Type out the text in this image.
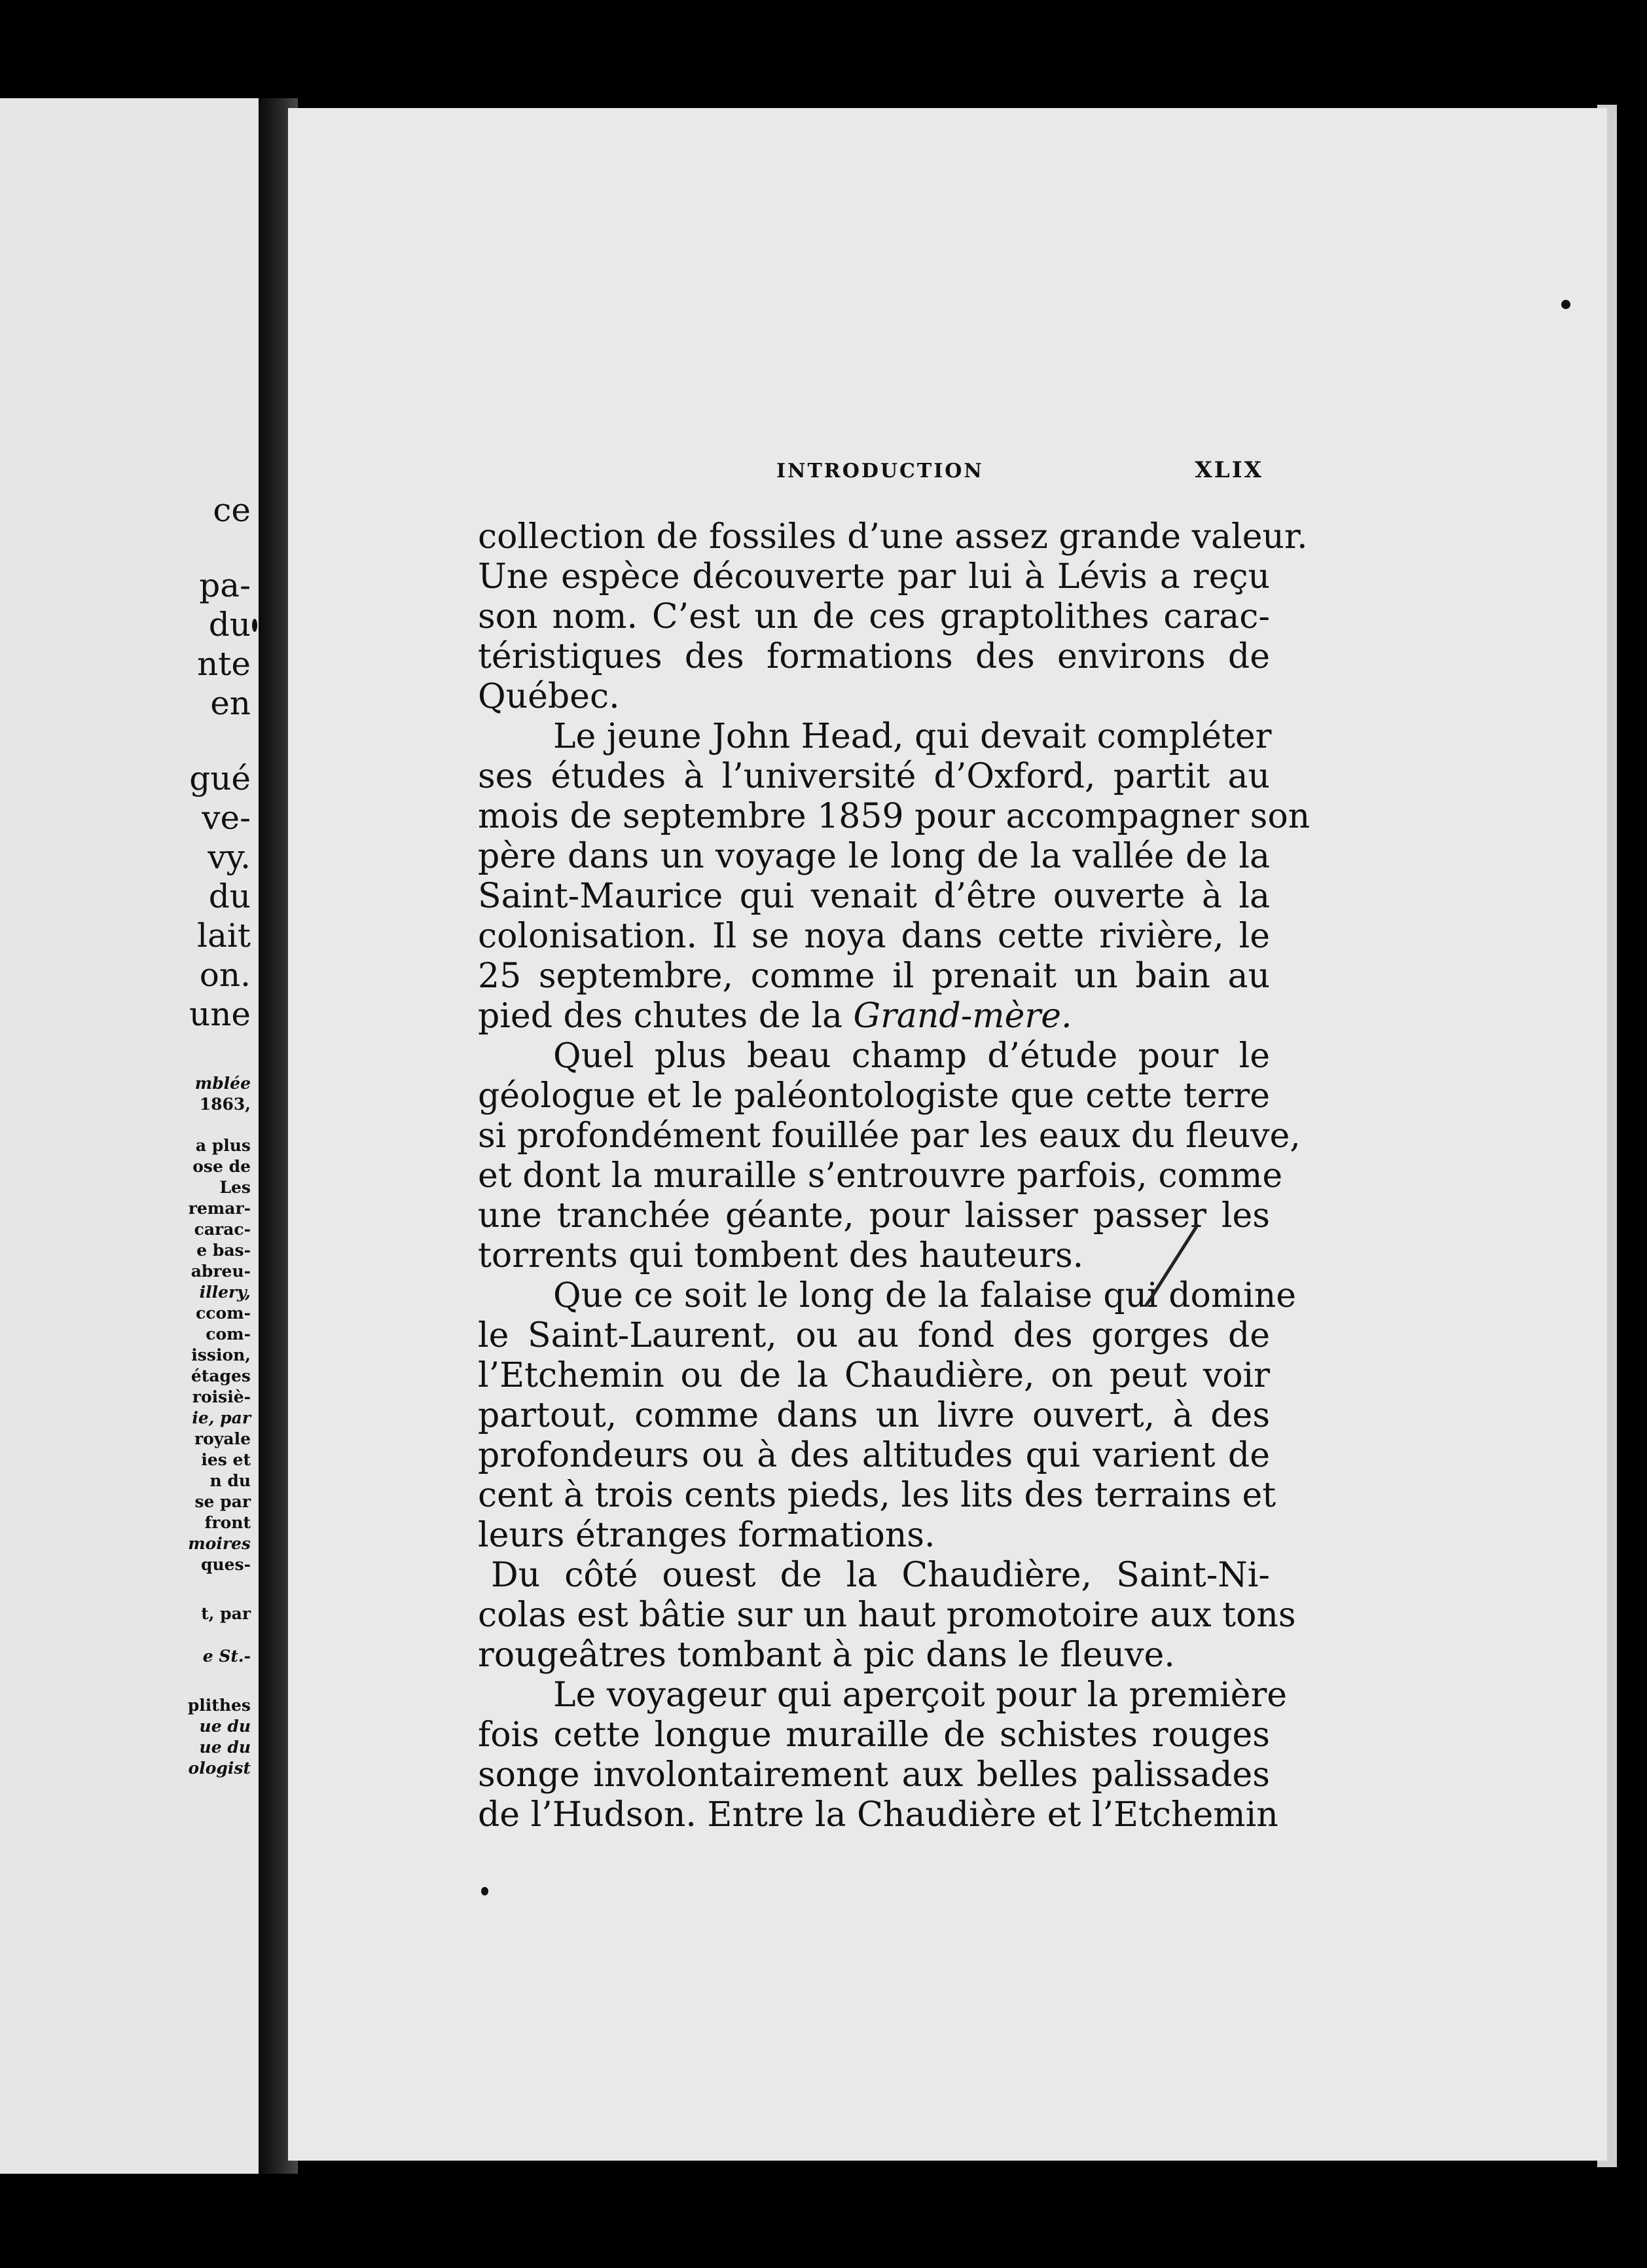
ce
pa-
du
nte
en
gué
ve-
vy.
du
lait
on.
une
mblée
1863,
a plus
ose de
Les
remar-
carac-
e bas-
abreu-
illery,
ccom-
com-
ission,
étages
roisiè-
ie, par
royale
ies et
n du
se par
front
moires
ques-
t, par
e St.-
plithes
ue du
ue du
ologist
INTRODUCTION	XLIX
collection de fossiles d’une assez grande valeur.
Une espèce découverte par lui à Lévis a reçu
son nom. C’est un de ces graptolithes carac-
téristiques des formations des environs de
Québec.
Le jeune John Head, qui devait compléter
ses études à l’université d’Oxford, partit au
mois de septembre 1859 pour accompagner son
père dans un voyage le long de la vallée de la
Saint-Maurice qui venait d’être ouverte à la
colonisation. Il se noya dans cette rivière, le
25 septembre, comme il prenait un bain au
pied des chutes de la Grand-mère.
Quel plus beau champ d’étude pour le
géologue et le paléontologiste que cette terre
si profondément fouillée par les eaux du fleuve,
et dont la muraille s’entrouvre parfois, comme
une tranchée géante, pour laisser passer les
torrents qui tombent des hauteurs.
Que ce soit le long de la falaise qui domine
le Saint-Laurent, ou au fond des gorges de
l’Etchemin ou de la Chaudière, on peut voir
partout, comme dans un livre ouvert, à des
profondeurs ou à des altitudes qui varient de
cent à trois cents pieds, les lits des terrains et
leurs étranges formations.
Du côté ouest de la Chaudière, Saint-Ni-
colas est bâtie sur un haut promotoire aux tons
rougeâtres tombant à pic dans le fleuve.
Le voyageur qui aperçoit pour la première
fois cette longue muraille de schistes rouges
songe involontairement aux belles palissades
de l’Hudson. Entre la Chaudière et l’Etchemin
